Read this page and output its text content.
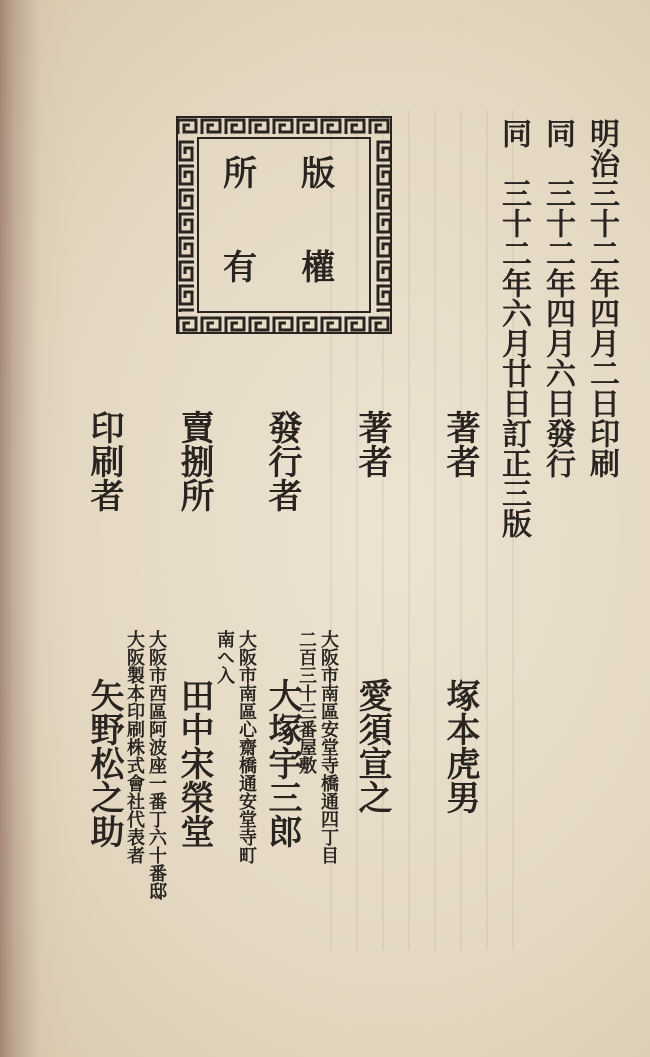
版
權
所
有	明治三十二年四月二日印刷
同　三十二年四月六日發行
同　三十二年六月廿日訂正三版
著者
著者
發行者
賣捌所
印刷者
塚本虎男
愛須宣之
大塚宇三郎
田中宋榮堂
矢野松之助	大阪市南區安堂寺橋通四丁目
二百三十三番屋敷
大阪市南區心齋橋通安堂寺町
南へ入
大阪市西區阿波座一番丁六十番邸
大阪製本印刷株式會社代表者
